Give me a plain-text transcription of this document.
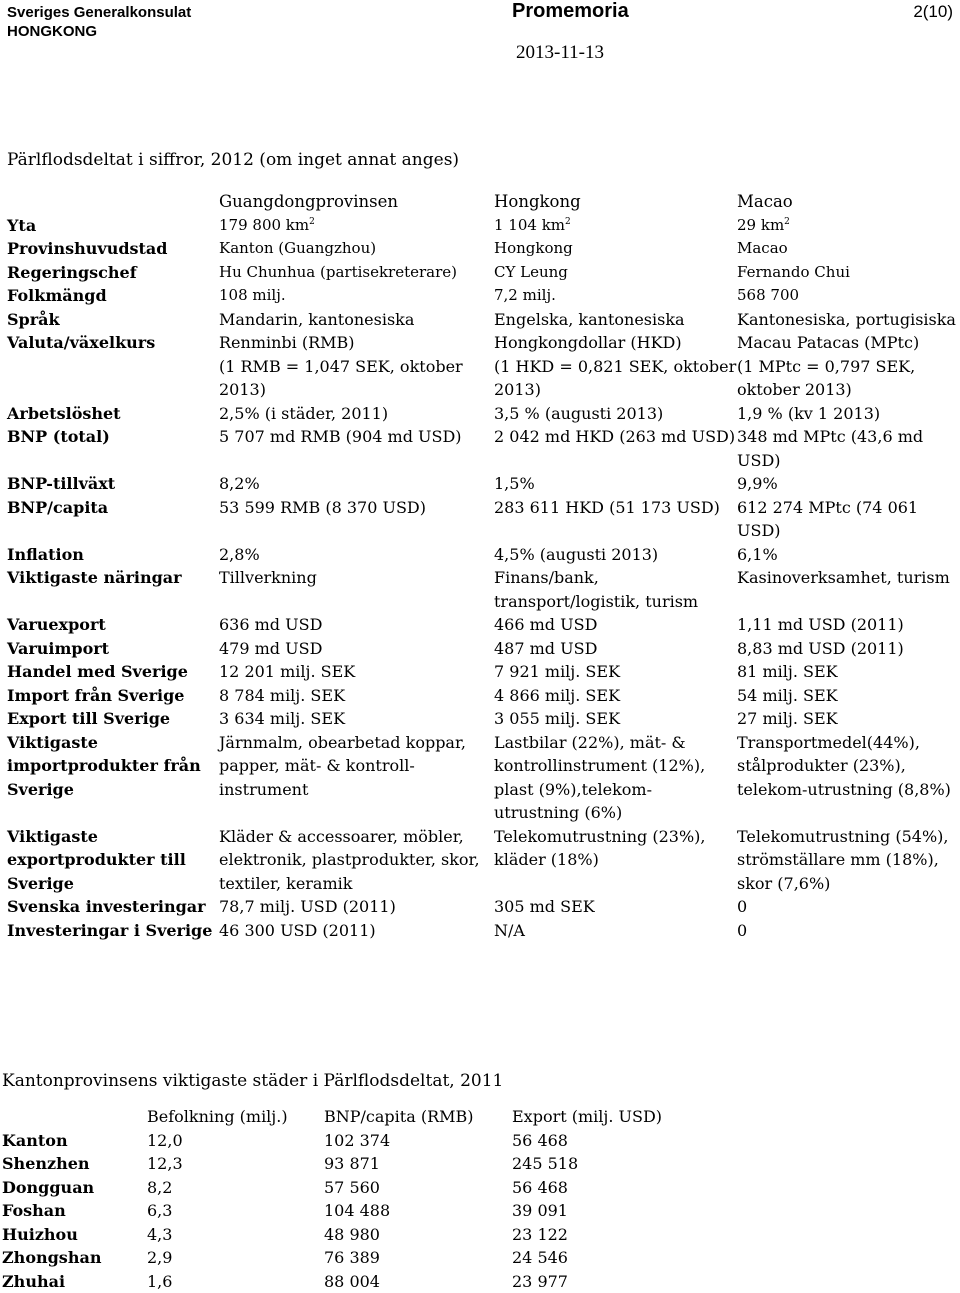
Sveriges Generalkonsulat
HONGKONG
Promemoria	2(10)
2013-11-13
Pärlflodsdeltat i siffror, 2012 (om inget annat anges)
	Guangdongprovinsen	Hongkong	Macao
Yta	179 800 $km^2$	1 104 $km^2$	29 $km^2$
Provinshuvudstad	Kanton (Guangzhou)	Hongkong	Macao
Regeringschef	Hu Chunhua (partisekreterare)	CY Leung	Fernando Chui
Folkmängd	108 milj.	7,2 milj.	568 700
Språk	Mandarin, kantonesiska	Engelska, kantonesiska	Kantonesiska, portugisiska
Valuta/växelkurs	Renminbi (RMB)	Hongkongdollar (HKD)	Macau Patacas (MPtc)
	(1 RMB = 1,047 SEK, oktober 2013)	(1 HKD = 0,821 SEK, oktober 2013)	(1 MPtc = 0,797 SEK, oktober 2013)
Arbetslöshet	2,5% (i städer, 2011)	3,5 % (augusti 2013)	1,9 % (kv 1 2013)
BNP (total)	5 707 md RMB (904 md USD)	2 042 md HKD (263 md USD)	348 md MPtc (43,6 md USD)
BNP-tillväxt	8,2%	1,5%	9,9%
BNP/capita	53 599 RMB (8 370 USD)	283 611 HKD (51 173 USD)	612 274 MPtc (74 061 USD)
Inflation	2,8%	4,5% (augusti 2013)	6,1%
Viktigaste näringar	Tillverkning	Finans/bank, transport/logistik, turism	Kasinoverksamhet, turism
Varuexport	636 md USD	466 md USD	1,11 md USD (2011)
Varuimport	479 md USD	487 md USD	8,83 md USD (2011)
Handel med Sverige	12 201 milj. SEK	7 921 milj. SEK	81 milj. SEK
Import från Sverige	8 784 milj. SEK	4 866 milj. SEK	54 milj. SEK
Export till Sverige	3 634 milj. SEK	3 055 milj. SEK	27 milj. SEK
Viktigaste importprodukter från Sverige	Järnmalm, obearbetad koppar, papper, mät- & kontroll-instrument	Lastbilar (22%), mät- & kontrollinstrument (12%), plast (9%),telekom-utrustning (6%)	Transportmedel(44%), stålprodukter (23%), telekom-utrustning (8,8%)
Viktigaste exportprodukter till Sverige	Kläder & accessoarer, möbler, elektronik, plastprodukter, skor, textiler, keramik	Telekomutrustning (23%), kläder (18%)	Telekomutrustning (54%), strömställare mm (18%), skor (7,6%)
Svenska investeringar	78,7 milj. USD (2011)	305 md SEK	0
Investeringar i Sverige	46 300 USD (2011)	N/A	0
Kantonprovinsens viktigaste städer i Pärlflodsdeltat, 2011
	Befolkning (milj.)	BNP/capita (RMB)	Export (milj. USD)
Kanton	12,0	102 374	56 468
Shenzhen	12,3	93 871	245 518
Dongguan	8,2	57 560	56 468
Foshan	6,3	104 488	39 091
Huizhou	4,3	48 980	23 122
Zhongshan	2,9	76 389	24 546
Zhuhai	1,6	88 004	23 977
